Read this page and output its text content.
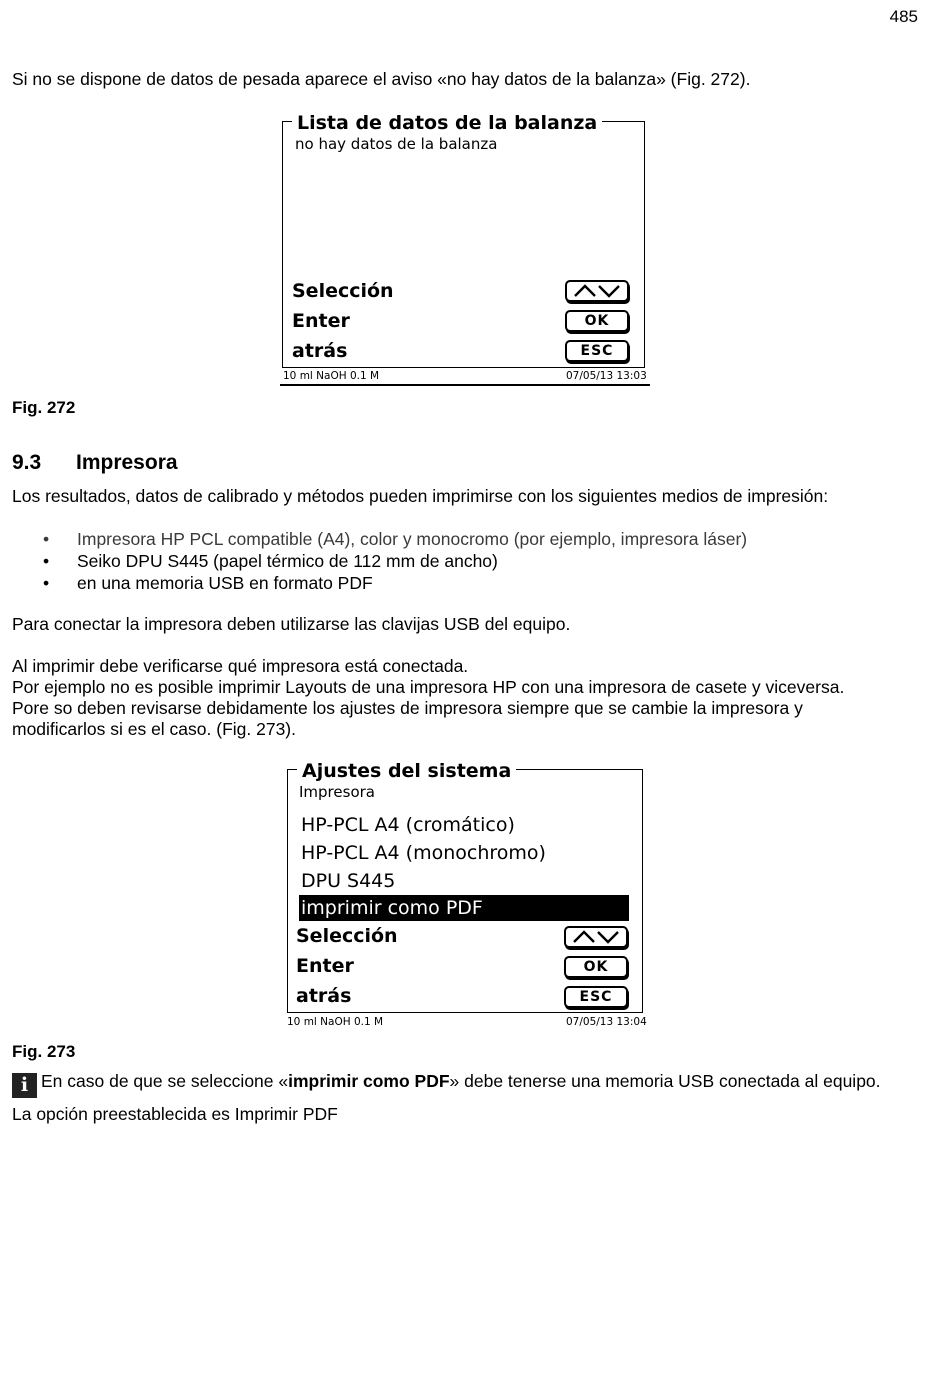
485
Si no se dispone de datos de pesada aparece el aviso «no hay datos de la balanza» (Fig. 272).
Lista de datos de la balanza
no hay datos de la balanza
Selección
Enter	OK
atrás	ESC
10 ml NaOH 0.1 M	07/05/13 13:03
Fig. 272
9.3 Impresora
Los resultados, datos de calibrado y métodos pueden imprimirse con los siguientes medios de impresión:
• Impresora HP PCL compatible (A4), color y monocromo (por ejemplo, impresora láser)
• Seiko DPU S445 (papel térmico de 112 mm de ancho)
• en una memoria USB en formato PDF
Para conectar la impresora deben utilizarse las clavijas USB del equipo.
Al imprimir debe verificarse qué impresora está conectada.
Por ejemplo no es posible imprimir Layouts de una impresora HP con una impresora de casete y viceversa.
Pore so deben revisarse debidamente los ajustes de impresora siempre que se cambie la impresora y
modificarlos si es el caso. (Fig. 273).
Ajustes del sistema
Impresora
HP-PCL A4 (cromático)
HP-PCL A4 (monochromo)
DPU S445
imprimir como PDF
Selección
Enter	OK
atrás	ESC
10 ml NaOH 0.1 M	07/05/13 13:04
Fig. 273
i En caso de que se seleccione «imprimir como PDF» debe tenerse una memoria USB conectada al equipo.
La opción preestablecida es Imprimir PDF
